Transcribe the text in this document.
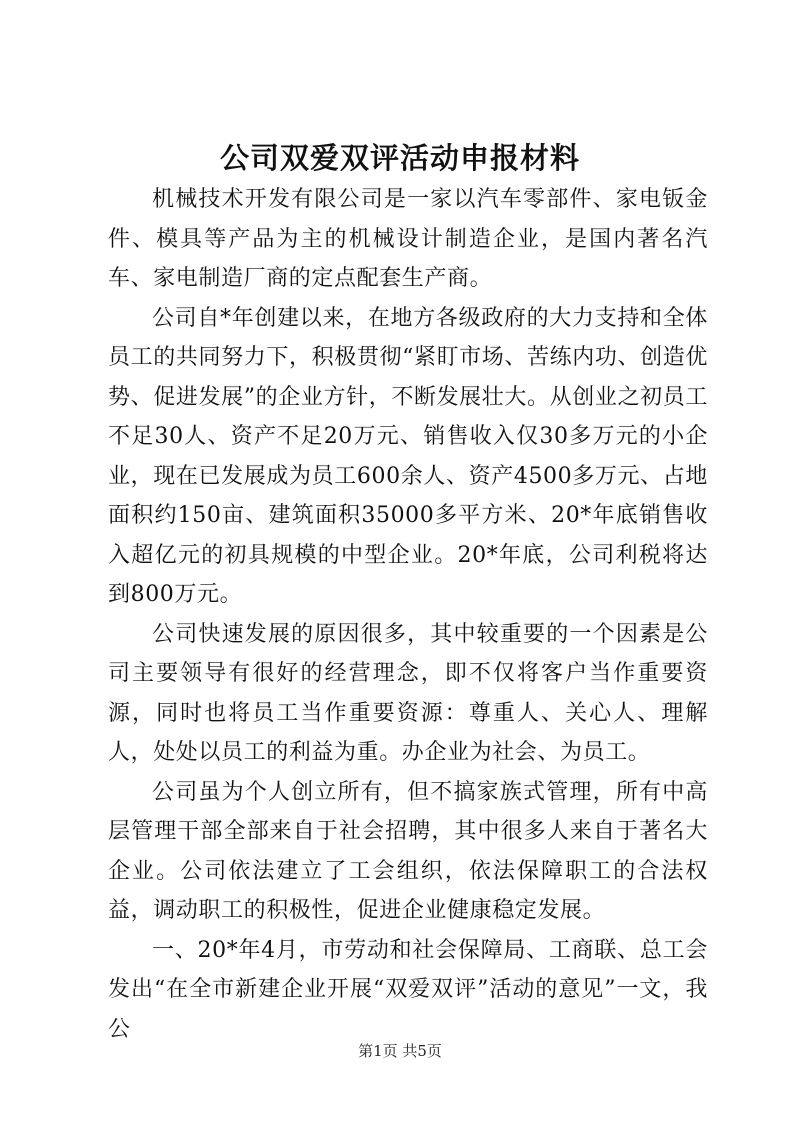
公司双爱双评活动申报材料

机械技术开发有限公司是一家以汽车零部件、家电钣金件、模具等产品为主的机械设计制造企业，是国内著名汽车、家电制造厂商的定点配套生产商。

公司自*年创建以来，在地方各级政府的大力支持和全体员工的共同努力下，积极贯彻“紧盯市场、苦练内功、创造优势、促进发展”的企业方针，不断发展壮大。从创业之初员工不足30人、资产不足20万元、销售收入仅30多万元的小企业，现在已发展成为员工600余人、资产4500多万元、占地面积约150亩、建筑面积35000多平方米、20*年底销售收入超亿元的初具规模的中型企业。20*年底，公司利税将达到800万元。

公司快速发展的原因很多，其中较重要的一个因素是公司主要领导有很好的经营理念，即不仅将客户当作重要资源，同时也将员工当作重要资源：尊重人、关心人、理解人，处处以员工的利益为重。办企业为社会、为员工。

公司虽为个人创立所有，但不搞家族式管理，所有中高层管理干部全部来自于社会招聘，其中很多人来自于著名大企业。公司依法建立了工会组织，依法保障职工的合法权益，调动职工的积极性，促进企业健康稳定发展。

一、20*年4月，市劳动和社会保障局、工商联、总工会发出“在全市新建企业开展“双爱双评”活动的意见”一文，我公

第1页 共5页
